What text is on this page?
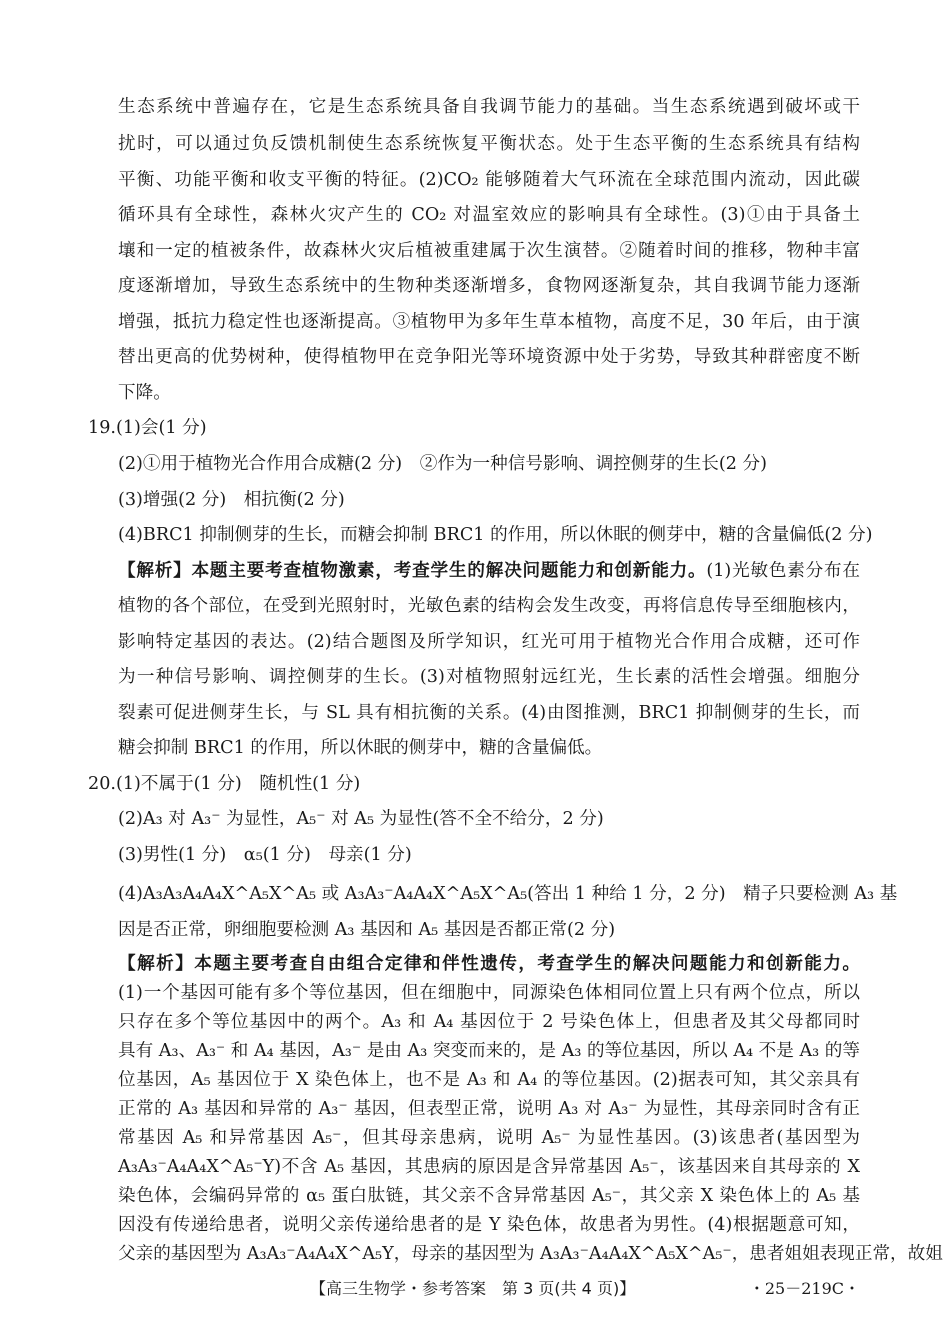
生态系统中普遍存在，它是生态系统具备自我调节能力的基础。当生态系统遇到破坏或干
扰时，可以通过负反馈机制使生态系统恢复平衡状态。处于生态平衡的生态系统具有结构
平衡、功能平衡和收支平衡的特征。(2)CO₂ 能够随着大气环流在全球范围内流动，因此碳
循环具有全球性，森林火灾产生的 CO₂ 对温室效应的影响具有全球性。(3)①由于具备土
壤和一定的植被条件，故森林火灾后植被重建属于次生演替。②随着时间的推移，物种丰富
度逐渐增加，导致生态系统中的生物种类逐渐增多，食物网逐渐复杂，其自我调节能力逐渐
增强，抵抗力稳定性也逐渐提高。③植物甲为多年生草本植物，高度不足，30 年后，由于演
替出更高的优势树种，使得植物甲在竞争阳光等环境资源中处于劣势，导致其种群密度不断
下降。
19.(1)会(1 分)
(2)①用于植物光合作用合成糖(2 分)　②作为一种信号影响、调控侧芽的生长(2 分)
(3)增强(2 分)　相抗衡(2 分)
(4)BRC1 抑制侧芽的生长，而糖会抑制 BRC1 的作用，所以休眠的侧芽中，糖的含量偏低(2 分)
【解析】本题主要考查植物激素，考查学生的解决问题能力和创新能力。(1)光敏色素分布在
植物的各个部位，在受到光照射时，光敏色素的结构会发生改变，再将信息传导至细胞核内，
影响特定基因的表达。(2)结合题图及所学知识，红光可用于植物光合作用合成糖，还可作
为一种信号影响、调控侧芽的生长。(3)对植物照射远红光，生长素的活性会增强。细胞分
裂素可促进侧芽生长，与 SL 具有相抗衡的关系。(4)由图推测，BRC1 抑制侧芽的生长，而
糖会抑制 BRC1 的作用，所以休眠的侧芽中，糖的含量偏低。
20.(1)不属于(1 分)　随机性(1 分)
(2)A₃ 对 A₃⁻ 为显性，A₅⁻ 对 A₅ 为显性(答不全不给分，2 分)
(3)男性(1 分)　α₅(1 分)　母亲(1 分)
(4)A₃A₃A₄A₄X^A₅X^A₅ 或 A₃A₃⁻A₄A₄X^A₅X^A₅(答出 1 种给 1 分，2 分)　精子只要检测 A₃ 基
因是否正常，卵细胞要检测 A₃ 基因和 A₅ 基因是否都正常(2 分)
【解析】本题主要考查自由组合定律和伴性遗传，考查学生的解决问题能力和创新能力。
(1)一个基因可能有多个等位基因，但在细胞中，同源染色体相同位置上只有两个位点，所以
只存在多个等位基因中的两个。A₃ 和 A₄ 基因位于 2 号染色体上，但患者及其父母都同时
具有 A₃、A₃⁻ 和 A₄ 基因，A₃⁻ 是由 A₃ 突变而来的，是 A₃ 的等位基因，所以 A₄ 不是 A₃ 的等
位基因，A₅ 基因位于 X 染色体上，也不是 A₃ 和 A₄ 的等位基因。(2)据表可知，其父亲具有
正常的 A₃ 基因和异常的 A₃⁻ 基因，但表型正常，说明 A₃ 对 A₃⁻ 为显性，其母亲同时含有正
常基因 A₅ 和异常基因 A₅⁻，但其母亲患病，说明 A₅⁻ 为显性基因。(3)该患者(基因型为
A₃A₃⁻A₄A₄X^A₅⁻Y)不含 A₅ 基因，其患病的原因是含异常基因 A₅⁻，该基因来自其母亲的 X
染色体，会编码异常的 α₅ 蛋白肽链，其父亲不含异常基因 A₅⁻，其父亲 X 染色体上的 A₅ 基
因没有传递给患者，说明父亲传递给患者的是 Y 染色体，故患者为男性。(4)根据题意可知，
父亲的基因型为 A₃A₃⁻A₄A₄X^A₅Y，母亲的基因型为 A₃A₃⁻A₄A₄X^A₅X^A₅⁻，患者姐姐表现正常，故姐
【高三生物学・参考答案　第 3 页(共 4 页)】	・25－219C・
